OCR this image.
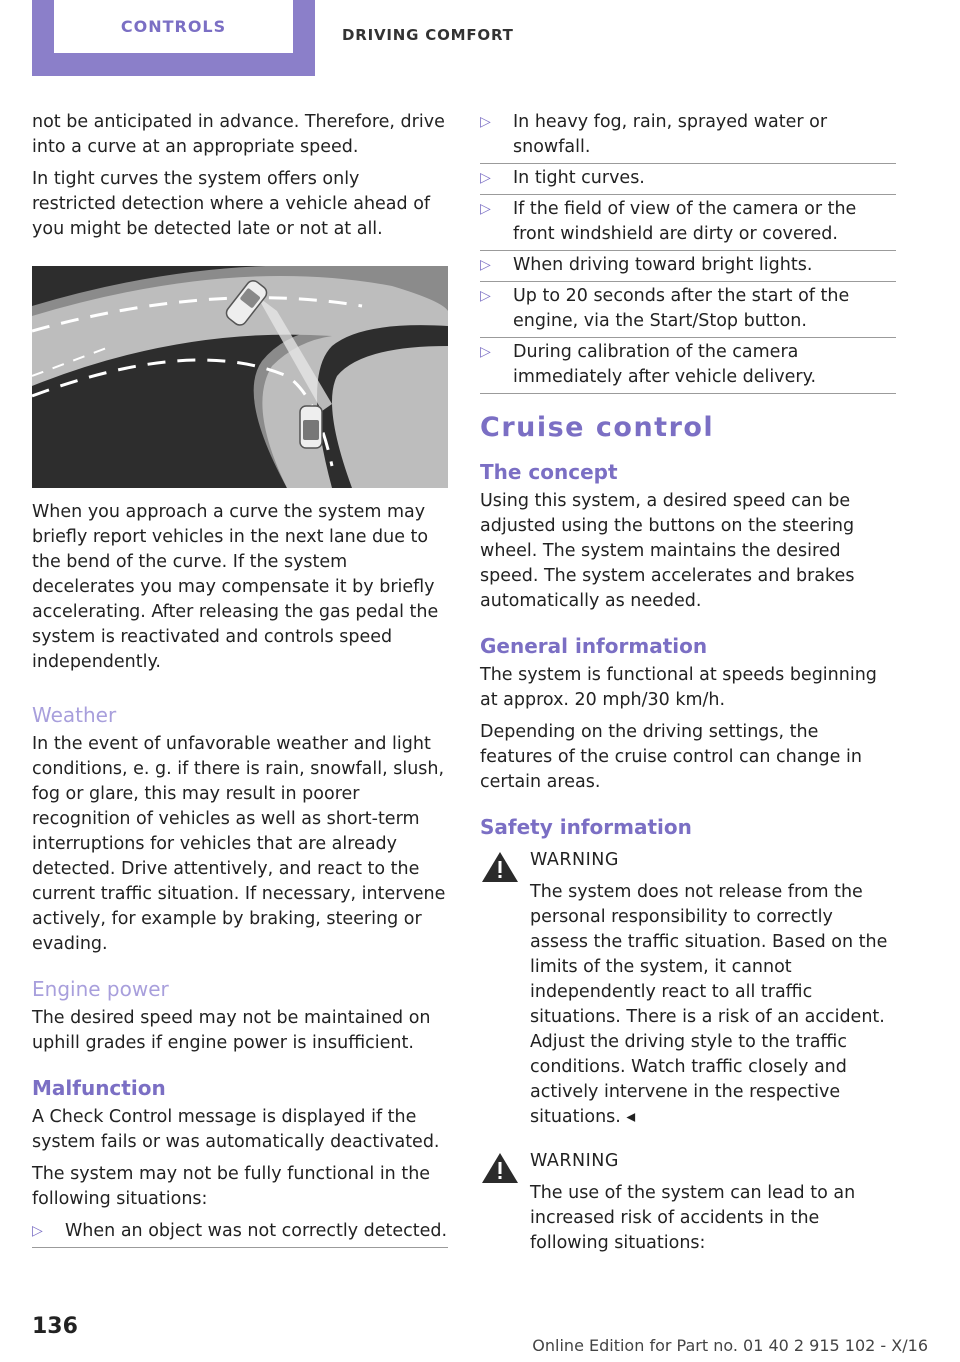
CONTROLS	DRIVING COMFORT

not be anticipated in advance. Therefore, drive into a curve at an appropriate speed.

In tight curves the system offers only restricted detection where a vehicle ahead of you might be detected late or not at all.

When you approach a curve the system may briefly report vehicles in the next lane due to the bend of the curve. If the system decelerates you may compensate it by briefly accelerating. After releasing the gas pedal the system is reactivated and controls speed independently.

Weather

In the event of unfavorable weather and light conditions, e. g. if there is rain, snowfall, slush, fog or glare, this may result in poorer recognition of vehicles as well as short-term interruptions for vehicles that are already detected. Drive attentively, and react to the current traffic situation. If necessary, intervene actively, for example by braking, steering or evading.

Engine power

The desired speed may not be maintained on uphill grades if engine power is insufficient.

Malfunction

A Check Control message is displayed if the system fails or was automatically deactivated.

The system may not be fully functional in the following situations:

▷ When an object was not correctly detected.
▷ In heavy fog, rain, sprayed water or snowfall.
▷ In tight curves.
▷ If the field of view of the camera or the front windshield are dirty or covered.
▷ When driving toward bright lights.
▷ Up to 20 seconds after the start of the engine, via the Start/Stop button.
▷ During calibration of the camera immediately after vehicle delivery.
Cruise control
The concept

Using this system, a desired speed can be adjusted using the buttons on the steering wheel. The system maintains the desired speed. The system accelerates and brakes automatically as needed.

General information

The system is functional at speeds beginning at approx. 20 mph/30 km/h.

Depending on the driving settings, the features of the cruise control can change in certain areas.

Safety information
WARNING

The system does not release from the personal responsibility to correctly assess the traffic situation. Based on the limits of the system, it cannot independently react to all traffic situations. There is a risk of an accident. Adjust the driving style to the traffic conditions. Watch traffic closely and actively intervene in the respective situations. ◂

WARNING

The use of the system can lead to an increased risk of accidents in the following situations:

136
Online Edition for Part no. 01 40 2 915 102 - X/16
